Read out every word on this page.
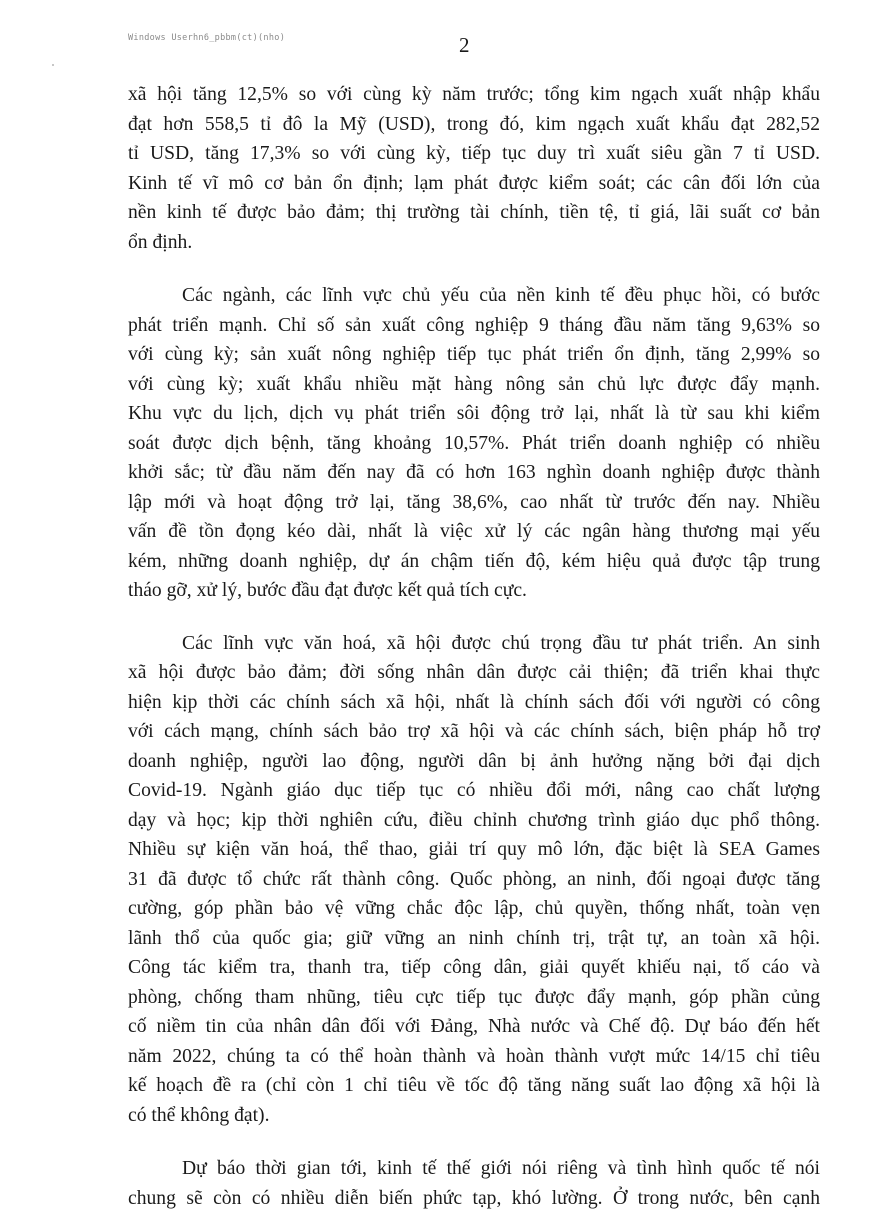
Windows Userhn6_pbbm(ct)(nho)	2

xã hội tăng 12,5% so với cùng kỳ năm trước; tổng kim ngạch xuất nhập khẩu
đạt hơn 558,5 tỉ đô la Mỹ (USD), trong đó, kim ngạch xuất khẩu đạt 282,52
tỉ USD, tăng 17,3% so với cùng kỳ, tiếp tục duy trì xuất siêu gần 7 tỉ USD.
Kinh tế vĩ mô cơ bản ổn định; lạm phát được kiểm soát; các cân đối lớn của
nền kinh tế được bảo đảm; thị trường tài chính, tiền tệ, tỉ giá, lãi suất cơ bản
ổn định.

Các ngành, các lĩnh vực chủ yếu của nền kinh tế đều phục hồi, có bước
phát triển mạnh. Chỉ số sản xuất công nghiệp 9 tháng đầu năm tăng 9,63% so
với cùng kỳ; sản xuất nông nghiệp tiếp tục phát triển ổn định, tăng 2,99% so
với cùng kỳ; xuất khẩu nhiều mặt hàng nông sản chủ lực được đẩy mạnh.
Khu vực du lịch, dịch vụ phát triển sôi động trở lại, nhất là từ sau khi kiểm
soát được dịch bệnh, tăng khoảng 10,57%. Phát triển doanh nghiệp có nhiều
khởi sắc; từ đầu năm đến nay đã có hơn 163 nghìn doanh nghiệp được thành
lập mới và hoạt động trở lại, tăng 38,6%, cao nhất từ trước đến nay. Nhiều
vấn đề tồn đọng kéo dài, nhất là việc xử lý các ngân hàng thương mại yếu
kém, những doanh nghiệp, dự án chậm tiến độ, kém hiệu quả được tập trung
tháo gỡ, xử lý, bước đầu đạt được kết quả tích cực.

Các lĩnh vực văn hoá, xã hội được chú trọng đầu tư phát triển. An sinh
xã hội được bảo đảm; đời sống nhân dân được cải thiện; đã triển khai thực
hiện kịp thời các chính sách xã hội, nhất là chính sách đối với người có công
với cách mạng, chính sách bảo trợ xã hội và các chính sách, biện pháp hỗ trợ
doanh nghiệp, người lao động, người dân bị ảnh hưởng nặng bởi đại dịch
Covid-19. Ngành giáo dục tiếp tục có nhiều đổi mới, nâng cao chất lượng
dạy và học; kịp thời nghiên cứu, điều chỉnh chương trình giáo dục phổ thông.
Nhiều sự kiện văn hoá, thể thao, giải trí quy mô lớn, đặc biệt là SEA Games
31 đã được tổ chức rất thành công. Quốc phòng, an ninh, đối ngoại được tăng
cường, góp phần bảo vệ vững chắc độc lập, chủ quyền, thống nhất, toàn vẹn
lãnh thổ của quốc gia; giữ vững an ninh chính trị, trật tự, an toàn xã hội.
Công tác kiểm tra, thanh tra, tiếp công dân, giải quyết khiếu nại, tố cáo và
phòng, chống tham nhũng, tiêu cực tiếp tục được đẩy mạnh, góp phần củng
cố niềm tin của nhân dân đối với Đảng, Nhà nước và Chế độ. Dự báo đến hết
năm 2022, chúng ta có thể hoàn thành và hoàn thành vượt mức 14/15 chỉ tiêu
kế hoạch đề ra (chỉ còn 1 chỉ tiêu về tốc độ tăng năng suất lao động xã hội là
có thể không đạt).

Dự báo thời gian tới, kinh tế thế giới nói riêng và tình hình quốc tế nói
chung sẽ còn có nhiều diễn biến phức tạp, khó lường. Ở trong nước, bên cạnh
